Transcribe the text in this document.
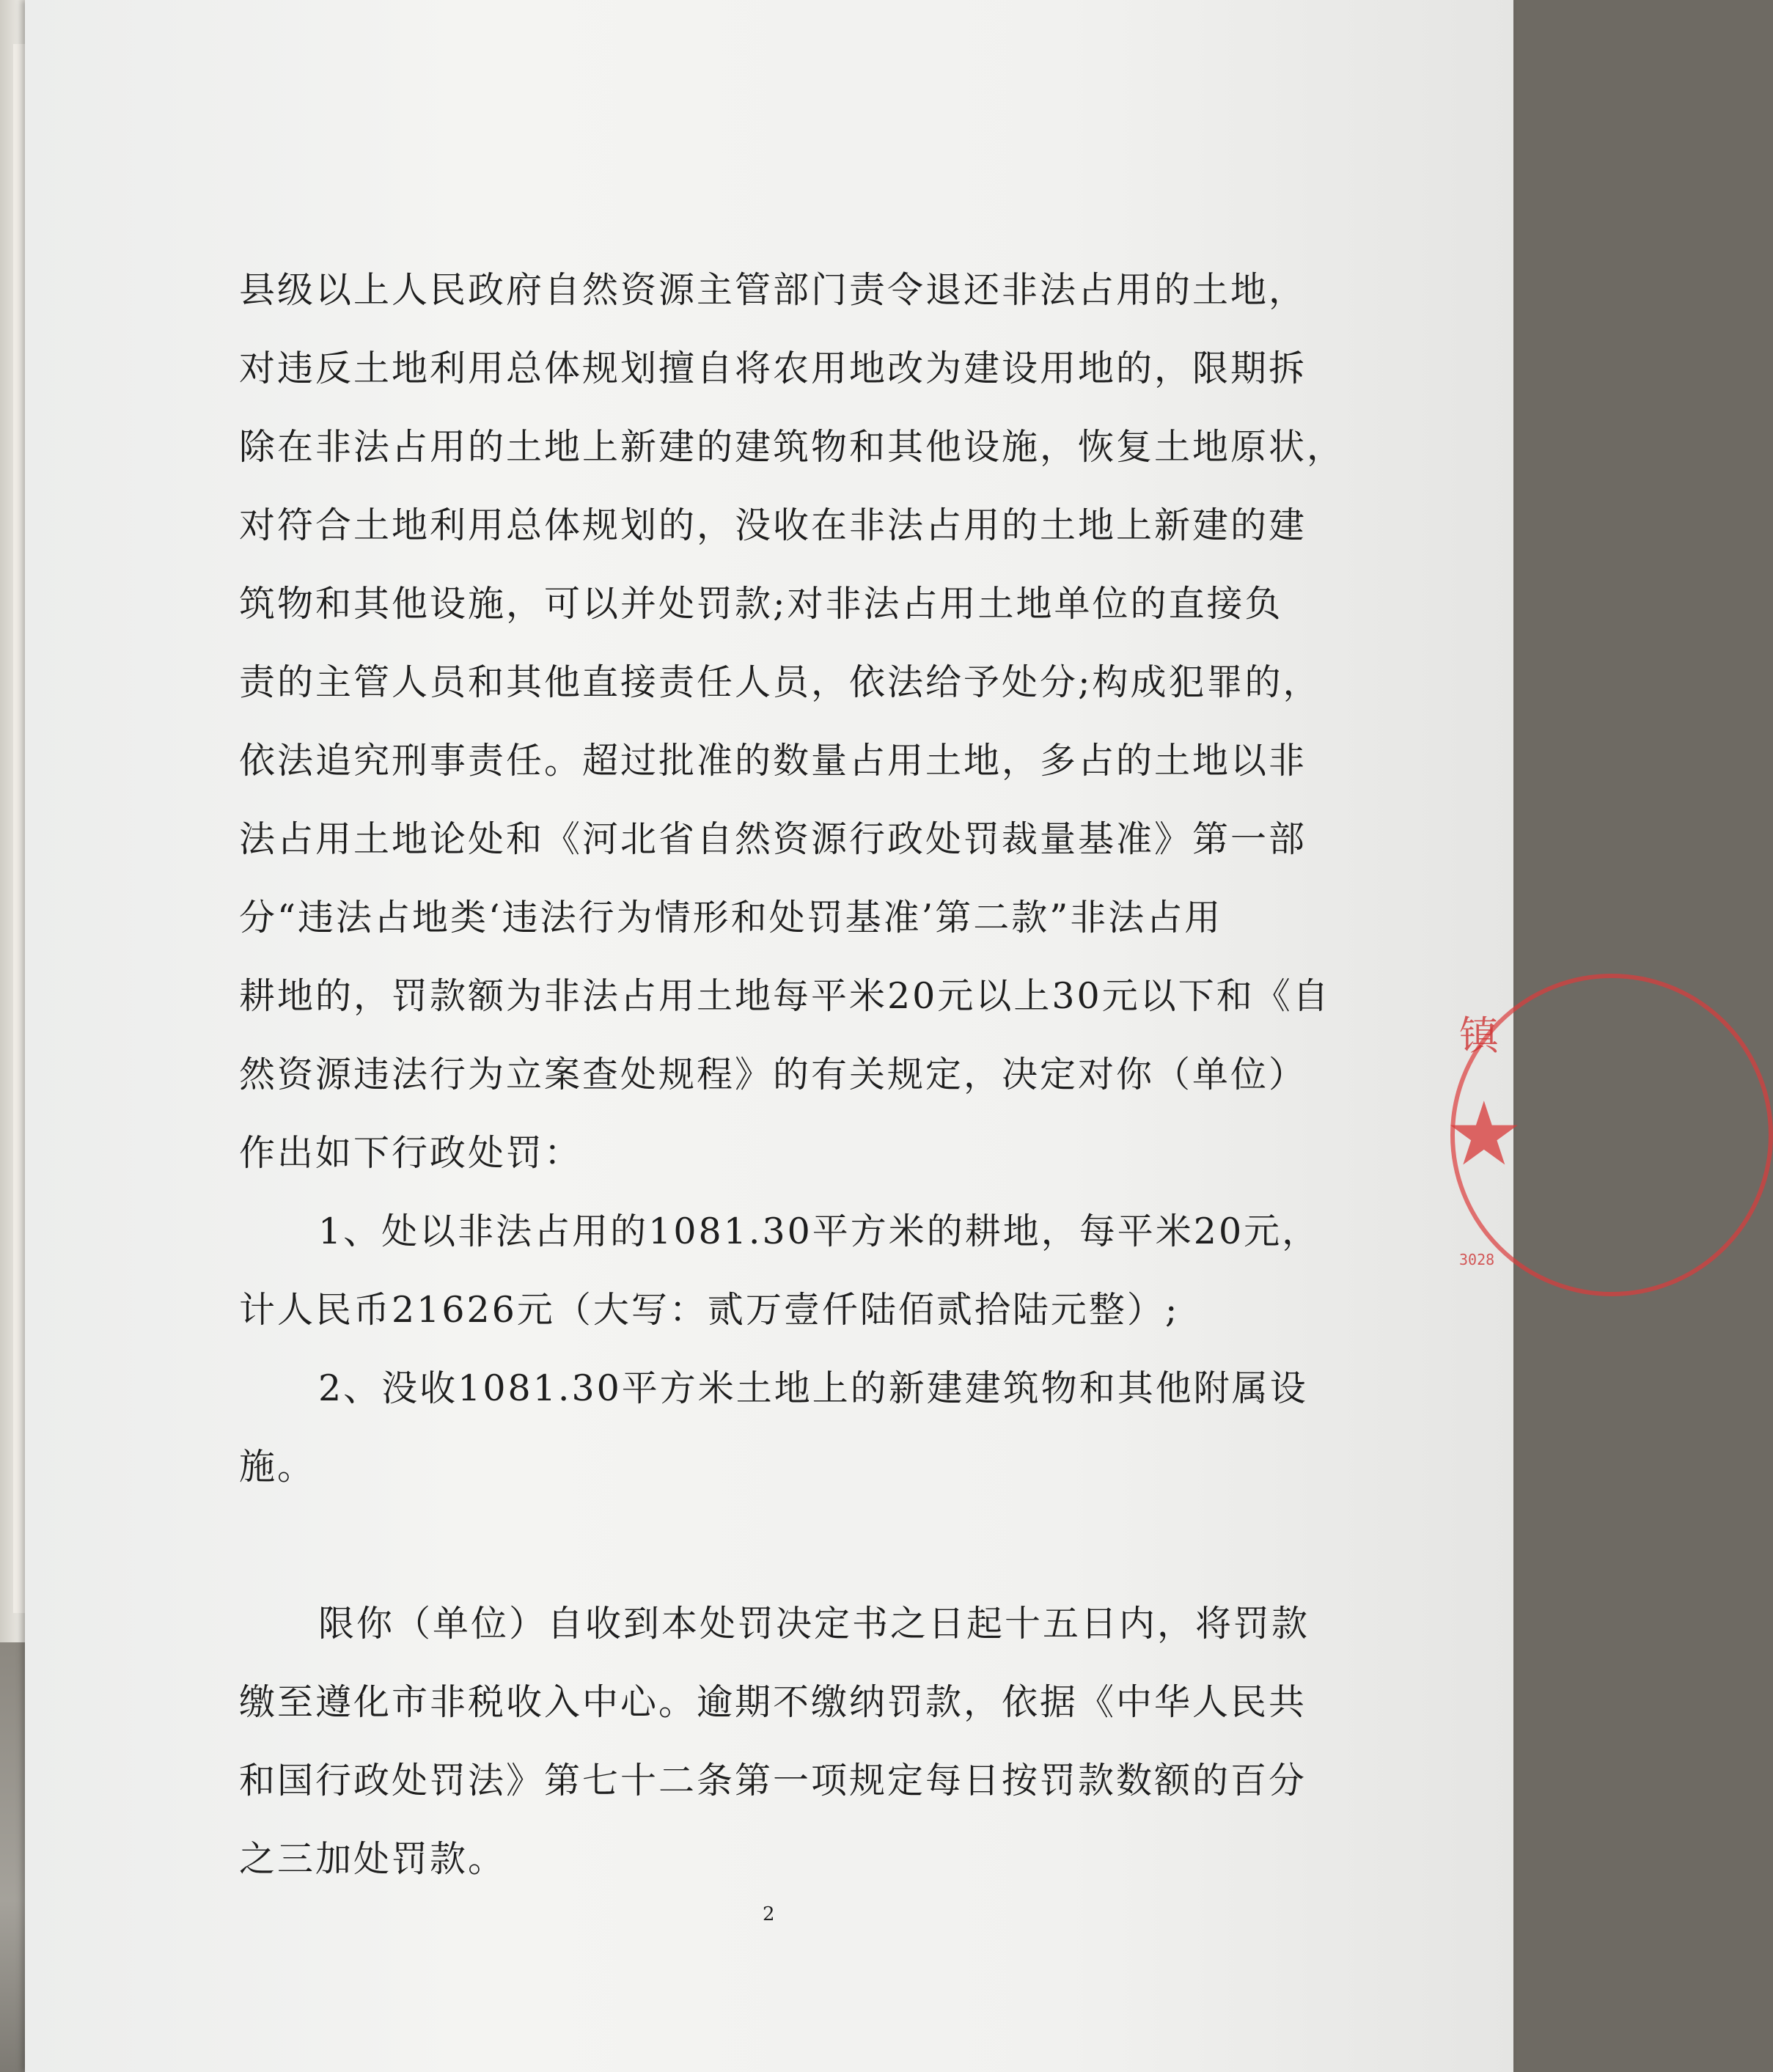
县级以上人民政府自然资源主管部门责令退还非法占用的土地，
对违反土地利用总体规划擅自将农用地改为建设用地的，限期拆
除在非法占用的土地上新建的建筑物和其他设施，恢复土地原状，
对符合土地利用总体规划的，没收在非法占用的土地上新建的建
筑物和其他设施，可以并处罚款;对非法占用土地单位的直接负
责的主管人员和其他直接责任人员，依法给予处分;构成犯罪的，
依法追究刑事责任。超过批准的数量占用土地，多占的土地以非
法占用土地论处和《河北省自然资源行政处罚裁量基准》第一部
分“违法占地类‘违法行为情形和处罚基准’第二款”非法占用
耕地的，罚款额为非法占用土地每平米20元以上30元以下和《自
然资源违法行为立案查处规程》的有关规定，决定对你（单位）
作出如下行政处罚：
1、处以非法占用的1081.30平方米的耕地，每平米20元，
计人民币21626元（大写：贰万壹仟陆佰贰拾陆元整）;
2、没收1081.30平方米土地上的新建建筑物和其他附属设
施。
限你（单位）自收到本处罚决定书之日起十五日内，将罚款
缴至遵化市非税收入中心。逾期不缴纳罚款，依据《中华人民共
和国行政处罚法》第七十二条第一项规定每日按罚款数额的百分
之三加处罚款。
2
镇
★
3028
